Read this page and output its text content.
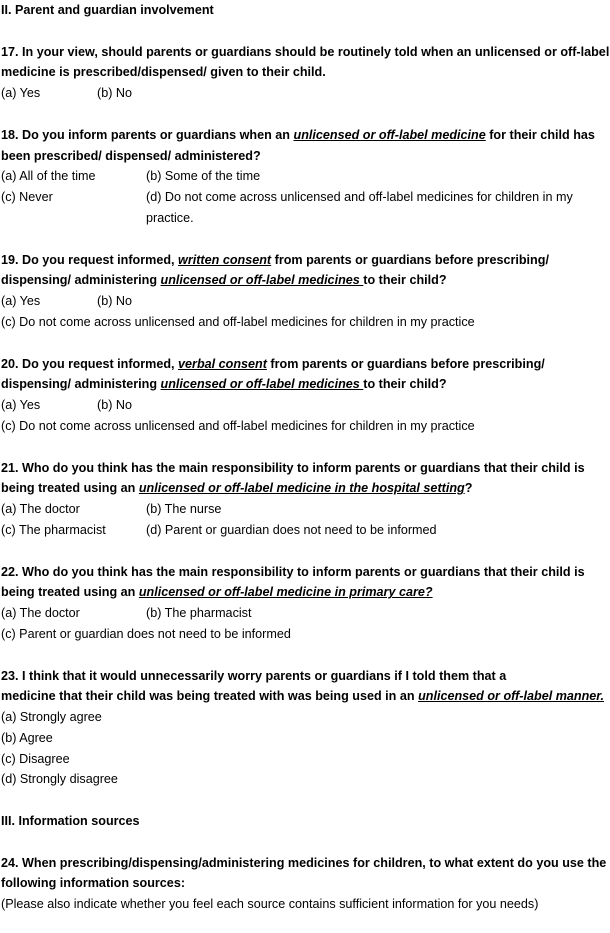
II. Parent and guardian involvement
17. In your view, should parents or guardians should be routinely told when an unlicensed or off-label medicine is prescribed/dispensed/ given to their child.
(a) Yes	(b) No
18. Do you inform parents or guardians when an unlicensed or off-label medicine for their child has been prescribed/ dispensed/ administered?
(a) All of the time	(b) Some of the time
(c) Never	(d) Do not come across unlicensed and off-label medicines for children in my practice.
19. Do you request informed, written consent from parents or guardians before prescribing/ dispensing/ administering unlicensed or off-label medicines to their child?
(a) Yes	(b) No
(c) Do not come across unlicensed and off-label medicines for children in my practice
20. Do you request informed, verbal consent from parents or guardians before prescribing/ dispensing/ administering unlicensed or off-label medicines to their child?
(a) Yes	(b) No
(c) Do not come across unlicensed and off-label medicines for children in my practice
21. Who do you think has the main responsibility to inform parents or guardians that their child is being treated using an unlicensed or off-label medicine in the hospital setting?
(a) The doctor	(b) The nurse
(c) The pharmacist	(d) Parent or guardian does not need to be informed
22. Who do you think has the main responsibility to inform parents or guardians that their child is being treated using an unlicensed or off-label medicine in primary care?
(a) The doctor	(b) The pharmacist
(c) Parent or guardian does not need to be informed
23. I think that it would unnecessarily worry parents or guardians if I told them that a
medicine that their child was being treated with was being used in an unlicensed or off-label manner.
(a) Strongly agree
(b) Agree
(c) Disagree
(d) Strongly disagree
III. Information sources
24. When prescribing/dispensing/administering medicines for children, to what extent do you use the following information sources:
(Please also indicate whether you feel each source contains sufficient information for you needs)
